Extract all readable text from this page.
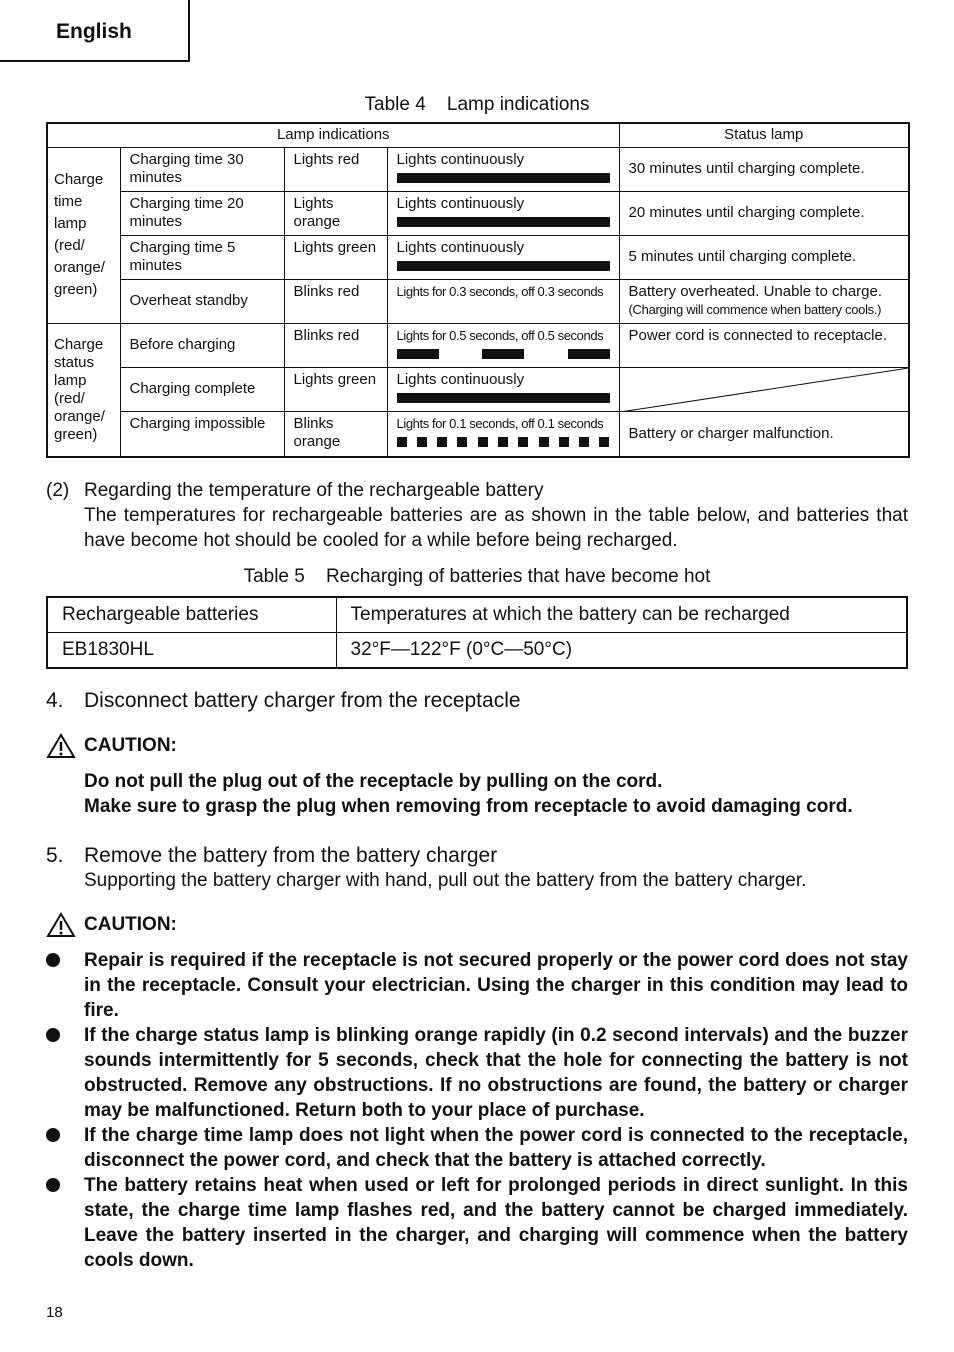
English
Table 4    Lamp indications
Lamp indications				Status lamp
Charge time lamp (red/ orange/ green)	Charging time 30 minutes	Lights red	Lights continuously	30 minutes until charging complete.
	Charging time 20 minutes	Lights orange	Lights continuously	20 minutes until charging complete.
	Charging time 5 minutes	Lights green	Lights continuously	5 minutes until charging complete.
	Overheat standby	Blinks red	Lights for 0.3 seconds, off 0.3 seconds	Battery overheated. Unable to charge.
(Charging will commence when battery cools.)

Charge status lamp (red/ orange/ green)	Before charging	Blinks red	Lights for 0.5 seconds, off 0.5 seconds	Power cord is connected to receptacle.
	Charging complete	Lights green	Lights continuously

	Charging impossible	Blinks orange	Lights for 0.1 seconds, off 0.1 seconds	Battery or charger malfunction.
(2) Regarding the temperature of the rechargeable battery
The temperatures for rechargeable batteries are as shown in the table below, and batteries that have become hot should be cooled for a while before being recharged.
Table 5    Recharging of batteries that have become hot
Rechargeable batteries	Temperatures at which the battery can be recharged
EB1830HL	32°F—122°F (0°C—50°C)
4. Disconnect battery charger from the receptacle
CAUTION:
Do not pull the plug out of the receptacle by pulling on the cord.
Make sure to grasp the plug when removing from receptacle to avoid damaging cord.
5. Remove the battery from the battery charger
Supporting the battery charger with hand, pull out the battery from the battery charger.
CAUTION:
Repair is required if the receptacle is not secured properly or the power cord does not stay in the receptacle. Consult your electrician. Using the charger in this condition may lead to fire.
If the charge status lamp is blinking orange rapidly (in 0.2 second intervals) and the buzzer sounds intermittently for 5 seconds, check that the hole for connecting the battery is not obstructed. Remove any obstructions. If no obstructions are found, the battery or charger may be malfunctioned. Return both to your place of purchase.
If the charge time lamp does not light when the power cord is connected to the receptacle, disconnect the power cord, and check that the battery is attached correctly.
The battery retains heat when used or left for prolonged periods in direct sunlight. In this state, the charge time lamp flashes red, and the battery cannot be charged immediately. Leave the battery inserted in the charger, and charging will commence when the battery cools down.
18
